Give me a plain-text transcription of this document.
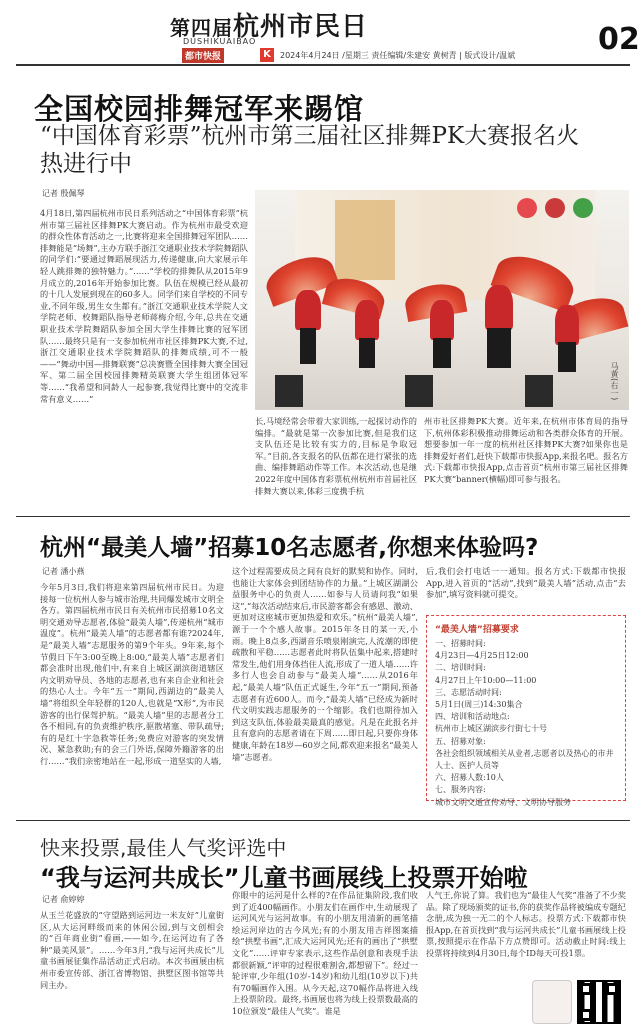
第四届杭州市民日
DUSHIKUAIBAO
都市快报	K	2024年4月24日 /星期三 责任编辑/朱建安 黄树青 | 版式设计/温斌	02
全国校园排舞冠军来踢馆
“中国体育彩票”杭州市第三届社区排舞PK大赛报名火热进行中
记者 殷佩琴
4月18日,第四届杭州市民日系列活动之“中国体育彩票”杭州市第三届社区排舞PK大赛启动。作为杭州市最受欢迎的群众性体育活动之一,比赛将迎来全国排舞冠军团队……排舞能是“场舞”,主办方联手浙江交通职业技术学院舞蹈队的同学们:“要通过舞蹈展现活力,传递健康,向大家展示年轻人跳排舞的独特魅力。”……“学校的排舞队从2015年9月成立的,2016年开始参加比赛。队伍在规模已经从最初的十几人发展到现在的60多人。同学们来自学校的不同专业,不同年级,男生女生都有。”浙江交通职业技术学院人文学院老师、校舞蹈队指导老师蒋梅介绍,今年,总共在交通职业技术学院舞蹈队参加全国大学生排舞比赛的冠军团队……最终只是有一支参加杭州市社区排舞PK大赛,不过,浙江交通职业技术学院舞蹈队的排舞成绩,可不一般——“舞动中国—排舞联赛”总决赛暨全国排舞大赛全国冠军、第二届全国校园排舞精英联赛大学生组团体冠军等……“我希望和同龄人一起参赛,我觉得比赛中的交流非常有意义……”	马黄(右一)
长,马境经常会带着大家训练,一起探讨动作的编排。“最就是第一次参加比赛,但是我们这支队伍还是比较有实力的,目标是争取冠军。”目前,各支报名的队伍都在进行紧张的选曲、编排舞蹈动作等工作。本次活动,也是继2022年度中国体育彩票杭州杭州市首届社区排舞大赛以来,体彩三度携手杭
州市社区排舞PK大赛。近年来,在杭州市体育局的指导下,杭州体彩积极推动排舞运动和各类群众体育的开展。想要参加一年一度的杭州社区排舞PK大赛?如果你也是排舞爱好者们,赶快下载都市快报App,来报名吧。报名方式:下载都市快报App,点击首页“杭州市第三届社区排舞PK大赛”banner(横幅)即可参与报名。
杭州“最美人墙”招募10名志愿者,你想来体验吗?
记者 潘小燕
今年5月3日,我们将迎来第四届杭州市民日。为迎接每一位杭州人参与城市治理,共同爆发城市文明全各方。第四届杭州市民日有关杭州市民招募10名文明交通劝导志愿者,体验“最美人墙”,传递杭州“城市温度”。杭州“最美人墙”的志愿者都有谁?2024年,是“最美人墙”志愿服务的第9个年头。9年来,每个节假日下午3:00至晚上8:00,“最美人墙”志愿者们都会准时出现,他们中,有来自上城区湖滨街道辖区内文明劝导员、各地的志愿者,也有来自企业和社会的热心人士。今年“五一”期间,西湖边的“最美人墙”将组织全年轻群的120人,也就是“X形”,为市民游客的出行保驾护航。“最美人墙”里的志愿者分工各不相同,有的负责维护秩序,驱散堵塞、带队疏导;有的是红十字急救等任务;免费应对游客的突发情况、紧急救助;有的会三门外语,保障外籍游客的出行……“我们亲密地站在一起,形成一道坚实的人墙,
这个过程需要成员之间有良好的默契和协作。同时,也能让大家体会到团结协作的力量。”上城区湖湖公益服务中心的负责人……如参与人员请问我“如果这”,“每次活动结束后,市民游客都会有感恩、激动、更加对这座城市更加热爱和欢乐。”杭州“最美人墙”,源于一个个感人故事。2015年冬日的某一天,小雨。晚上8点多,西湖音乐喷泉刚演完,人流潮的即使疏散和平稳……志愿者此时将队伍集中起来,搭建时常发生,他们用身体挡住人流,形成了一道人墙……许多行人也会自动参与“最美人墙”……从2016年起,“最美人墙”队伍正式诞生,今年“五一”期间,预备志愿者有近600人。而今,“最美人墙”已经成为新时代文明实践志愿服务的一个缩影。我们也期待加入到这支队伍,体验最美最真的感觉。凡是在此报名并且有意向的志愿者请在下周……即日起,只要你身体健康,年龄在18岁—60岁之间,都欢迎来报名“最美人墙”志愿者。
后,我们会打电话一一通知。报名方式:下载都市快报App,进入首页的“活动”,找到“最美人墙”活动,点击“去参加”,填写资料就可提交。
“最美人墙”招募要求
一、招募时间:
4月23日—4月25日12:00
二、培训时间:
4月27日上午10:00—11:00
三、志愿活动时间:
5月1日(周三)14:30集合
四、培训和活动地点:
杭州市上城区湖滨步行街七十号
五、招募对象:
各社会组织领域相关从业者,志愿者以及热心的市井人士、医护人员等
六、招募人数:10人
七、服务内容:
城市文明交通宣传劝导、文明协导服务
快来投票,最佳人气奖评选中
“我与运河共成长”儿童书画展线上投票开始啦
记者 俞婷婷
从玉兰花盛放的“守望路到运河边一米友好”儿童街区,从大运河畔级而来的休闲公园,到与文创相会的“百年商业街”看画,——如今,在运河边有了各种“最美风景”。……今年3月,“我与运河共成长”儿童书画展征集作品活动正式启动。本次书画展由杭州市委宣传部、浙江省博物馆、拱墅区图书馆等共同主办。
你眼中的运河是什么样的?在作品征集阶段,我们收到了近400幅画作。小朋友们在画作中,生动展现了运河风光与运河故事。有的小朋友用清新的画笔描绘运河岸边的古今风光;有的小朋友用吉祥图案描绘“拱墅书画”,汇成大运河风光;还有的画出了“拱墅文化”……评审专家表示,这些作品创意和表现手法都很新颖,“评审的过程很难割舍,都想留下”。经过一轮评审,少年组(10岁-14岁)和幼儿组(10岁以下)共有70幅画作入围。从今天起,这70幅作品将进入线上投票阶段。最终,书画展也将为线上投票数最高的10位颁发“最佳人气奖”。谁是
人气王,你说了算。我们也为“最佳人气奖”准备了不少奖品。除了现场颁奖的证书,你的获奖作品将被编成专题纪念册,成为独一无二的个人标志。投票方式:下载都市快报App,在首页找到“我与运河共成长”儿童书画展线上投票,按照提示在作品下方点赞即可。活动截止时间:线上投票将持续到4月30日,每个ID每天可投1票。
